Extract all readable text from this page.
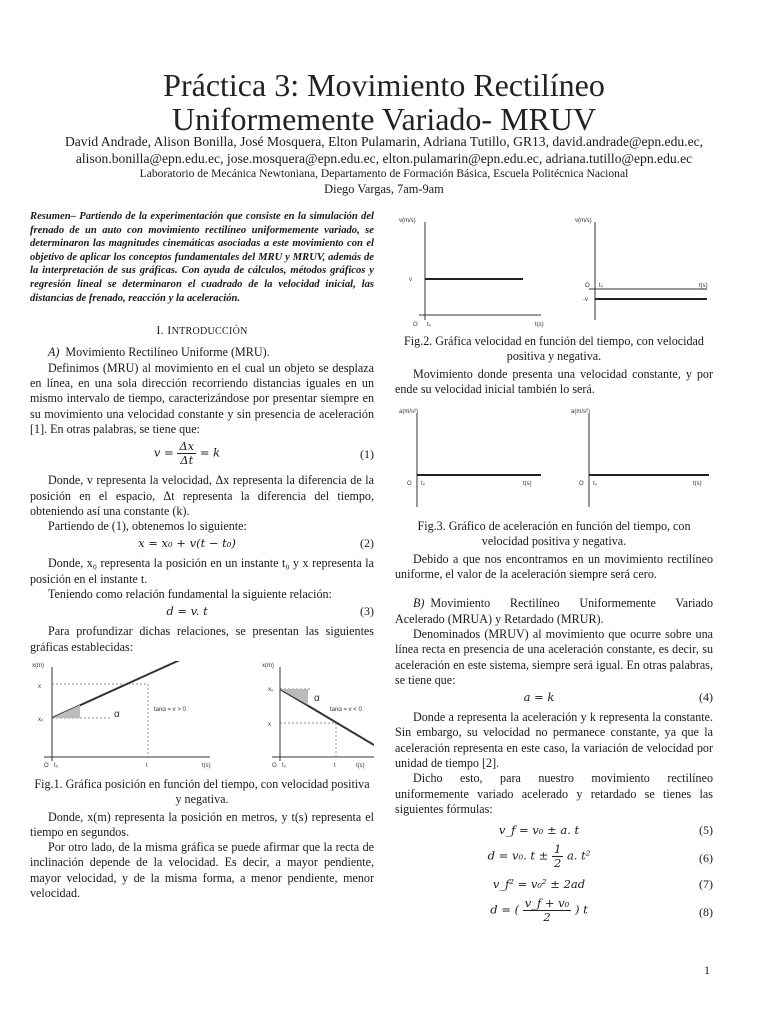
Práctica 3: Movimiento Rectilíneo Uniformemente Variado- MRUV
David Andrade, Alison Bonilla, José Mosquera, Elton Pulamarin, Adriana Tutillo, GR13, david.andrade@epn.edu.ec, alison.bonilla@epn.edu.ec, jose.mosquera@epn.edu.ec, elton.pulamarin@epn.edu.ec, adriana.tutillo@epn.edu.ec
Laboratorio de Mecánica Newtoniana, Departamento de Formación Básica, Escuela Politécnica Nacional
Diego Vargas, 7am-9am

Resumen– Partiendo de la experimentación que consiste en la simulación del frenado de un auto con movimiento rectilíneo uniformemente variado, se determinaron las magnitudes cinemáticas asociadas a este movimiento con el objetivo de aplicar los conceptos fundamentales del MRU y MRUV, además de la interpretación de sus gráficas. Con ayuda de cálculos, métodos gráficos y regresión lineal se determinaron el cuadrado de la velocidad inicial, las distancias de frenado, reacción y la aceleración.

I. INTRODUCCIÓN

A) Movimiento Rectilíneo Uniforme (MRU).

Definimos (MRU) al movimiento en el cual un objeto se desplaza en línea, en una sola dirección recorriendo distancias iguales en un mismo intervalo de tiempo, caracterizándose por presentar siempre en su movimiento una velocidad constante y sin presencia de aceleración [1]. En otras palabras, se tiene que:

$v = \frac{\Delta x}{\Delta t} = k$	(1)

Donde, v representa la velocidad, Δx representa la diferencia de la posición en el espacio, Δt representa la diferencia del tiempo, obteniendo así una constante (k).

Partiendo de (1), obtenemos lo siguiente:

x = x₀ + v(t − t₀)	(2)

Donde, x₀ representa la posición en un instante t₀ y x representa la posición en el instante t.

Teniendo como relación fundamental la siguiente relación:

d = v. t	(3)

Para profundizar dichas relaciones, se presentan las siguientes gráficas establecidas:

x(m)
x
x₀
O t₀	t	t(s)
α	tanα = v > 0
x(m)
x₀
x
O t₀	t	t(s)
α
tanα = v < 0

Fig.1. Gráfica posición en función del tiempo, con velocidad positiva y negativa.

Donde, x(m) representa la posición en metros, y t(s) representa el tiempo en segundos.

Por otro lado, de la misma gráfica se puede afirmar que la recta de inclinación depende de la velocidad. Es decir, a mayor pendiente, mayor velocidad, y de la misma forma, a menor pendiente, menor velocidad.

v(m/s)
v
O t₀	t(s)
v(m/s)
O t₀	t(s)
-v

Fig.2. Gráfica velocidad en función del tiempo, con velocidad positiva y negativa.

Movimiento donde presenta una velocidad constante, y por ende su velocidad inicial también lo será.

a(m/s²)
O t₀	t(s)
a(m/s²)
O t₀	t(s)

Fig.3. Gráfico de aceleración en función del tiempo, con velocidad positiva y negativa.

Debido a que nos encontramos en un movimiento rectilíneo uniforme, el valor de la aceleración siempre será cero.

B) Movimiento Rectilíneo Uniformemente Variado Acelerado (MRUA) y Retardado (MRUR).

Denominados (MRUV) al movimiento que ocurre sobre una línea recta en presencia de una aceleración constante, es decir, su aceleración en este sistema, siempre será igual. En otras palabras, se tiene que:

a = k	(4)

Donde a representa la aceleración y k representa la constante. Sin embargo, su velocidad no permanece constante, ya que la aceleración representa en este caso, la variación de velocidad por unidad de tiempo [2].

Dicho esto, para nuestro movimiento rectilíneo uniformemente variado acelerado y retardado se tienes las siguientes fórmulas:

v_f = v₀ ± a. t	(5)
d = v₀. $t \pm \frac{1}{2} a$. t²	(6)
v_f² = v₀² ± 2ad	(7)
d = ( $\frac{\text{v\_f + v₀}}{2}$ ) t	(8)
1
